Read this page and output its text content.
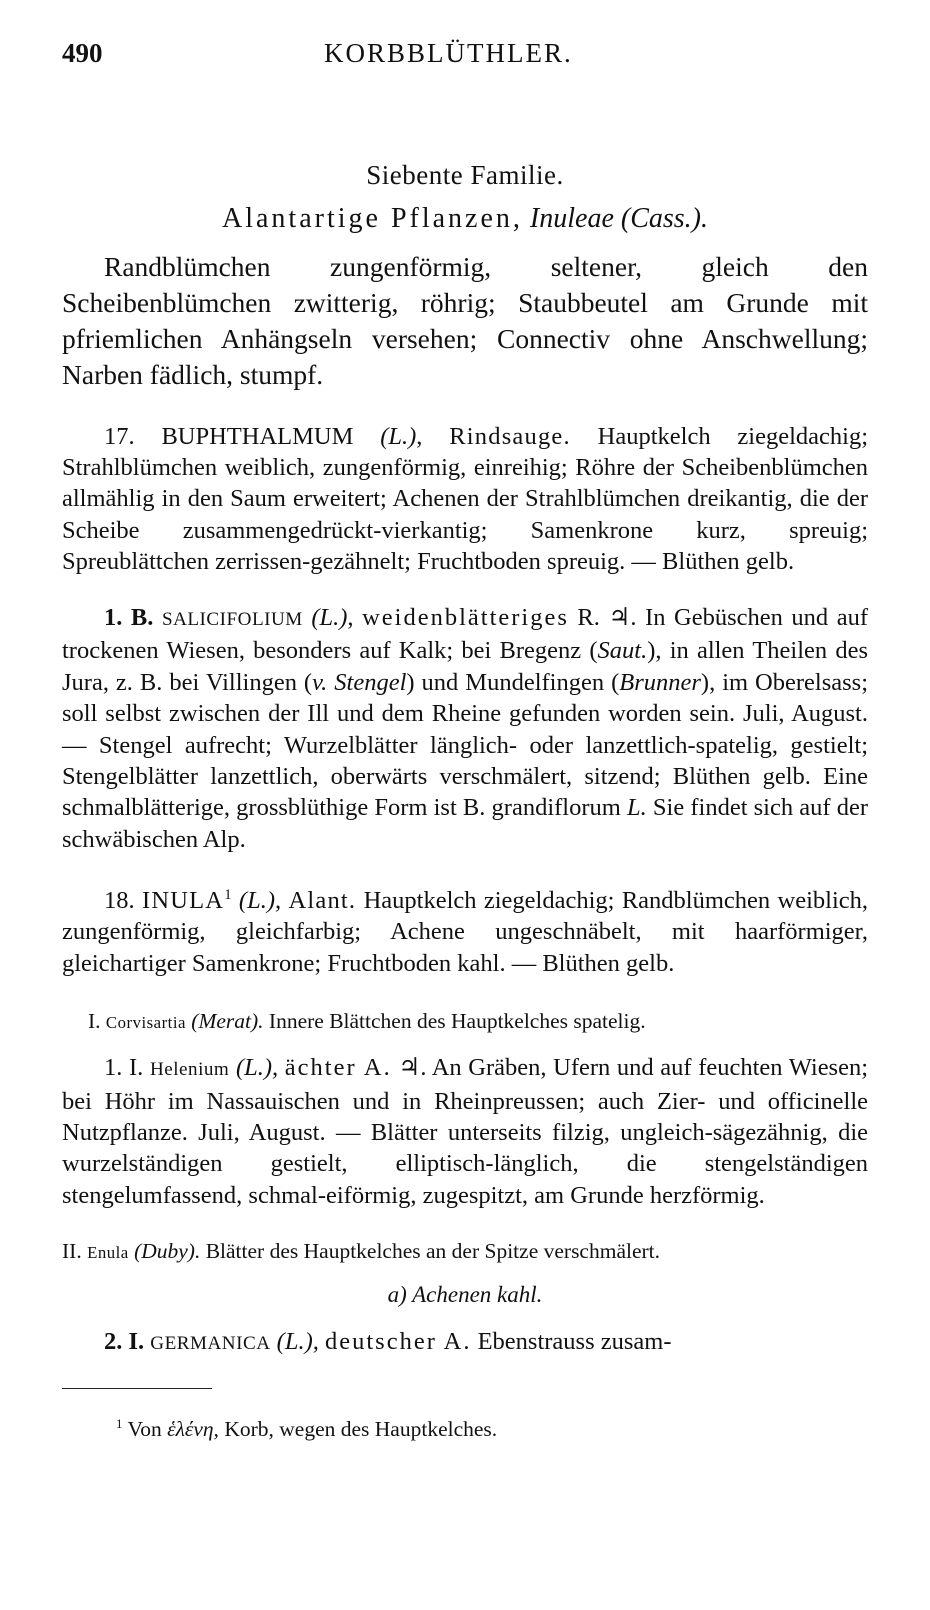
490	KORBBLÜTHLER.
Siebente Familie.
Alantartige Pflanzen, Inuleae (Cass.).

Randblümchen zungenförmig, seltener, gleich den Scheibenblümchen zwitterig, röhrig; Staubbeutel am Grunde mit pfriemlichen Anhängseln versehen; Connectiv ohne Anschwellung; Narben fädlich, stumpf.

17. BUPHTHALMUM (L.), Rindsauge. Hauptkelch ziegeldachig; Strahlblümchen weiblich, zungenförmig, einreihig; Röhre der Scheibenblümchen allmählig in den Saum erweitert; Achenen der Strahlblümchen dreikantig, die der Scheibe zusammengedrückt-vierkantig; Samenkrone kurz, spreuig; Spreublättchen zerrissen-gezähnelt; Fruchtboden spreuig. — Blüthen gelb.

1. B. SALICIFOLIUM (L.), weidenblätteriges R. ♃. In Gebüschen und auf trockenen Wiesen, besonders auf Kalk; bei Bregenz (Saut.), in allen Theilen des Jura, z. B. bei Villingen (v. Stengel) und Mundelfingen (Brunner), im Oberelsass; soll selbst zwischen der Ill und dem Rheine gefunden worden sein. Juli, August. — Stengel aufrecht; Wurzelblätter länglich- oder lanzettlich-spatelig, gestielt; Stengelblätter lanzettlich, oberwärts verschmälert, sitzend; Blüthen gelb. Eine schmalblätterige, grossblüthige Form ist B. grandiflorum L. Sie findet sich auf der schwäbischen Alp.

18. INULA$^1$ (L.), Alant. Hauptkelch ziegeldachig; Randblümchen weiblich, zungenförmig, gleichfarbig; Achene ungeschnäbelt, mit haarförmiger, gleichartiger Samenkrone; Fruchtboden kahl. — Blüthen gelb.

I. Corvisartia (Merat). Innere Blättchen des Hauptkelches spatelig.

1. I. Helenium (L.), ächter A. ♃. An Gräben, Ufern und auf feuchten Wiesen; bei Höhr im Nassauischen und in Rheinpreussen; auch Zier- und officinelle Nutzpflanze. Juli, August. — Blätter unterseits filzig, ungleich-sägezähnig, die wurzelständigen gestielt, elliptisch-länglich, die stengelständigen stengelumfassend, schmal-eiförmig, zugespitzt, am Grunde herzförmig.

II. Enula (Duby). Blätter des Hauptkelches an der Spitze verschmälert.
a) Achenen kahl.

2. I. GERMANICA (L.), deutscher A. Ebenstrauss zusam-

$^1$ Von ἑλένη, Korb, wegen des Hauptkelches.
